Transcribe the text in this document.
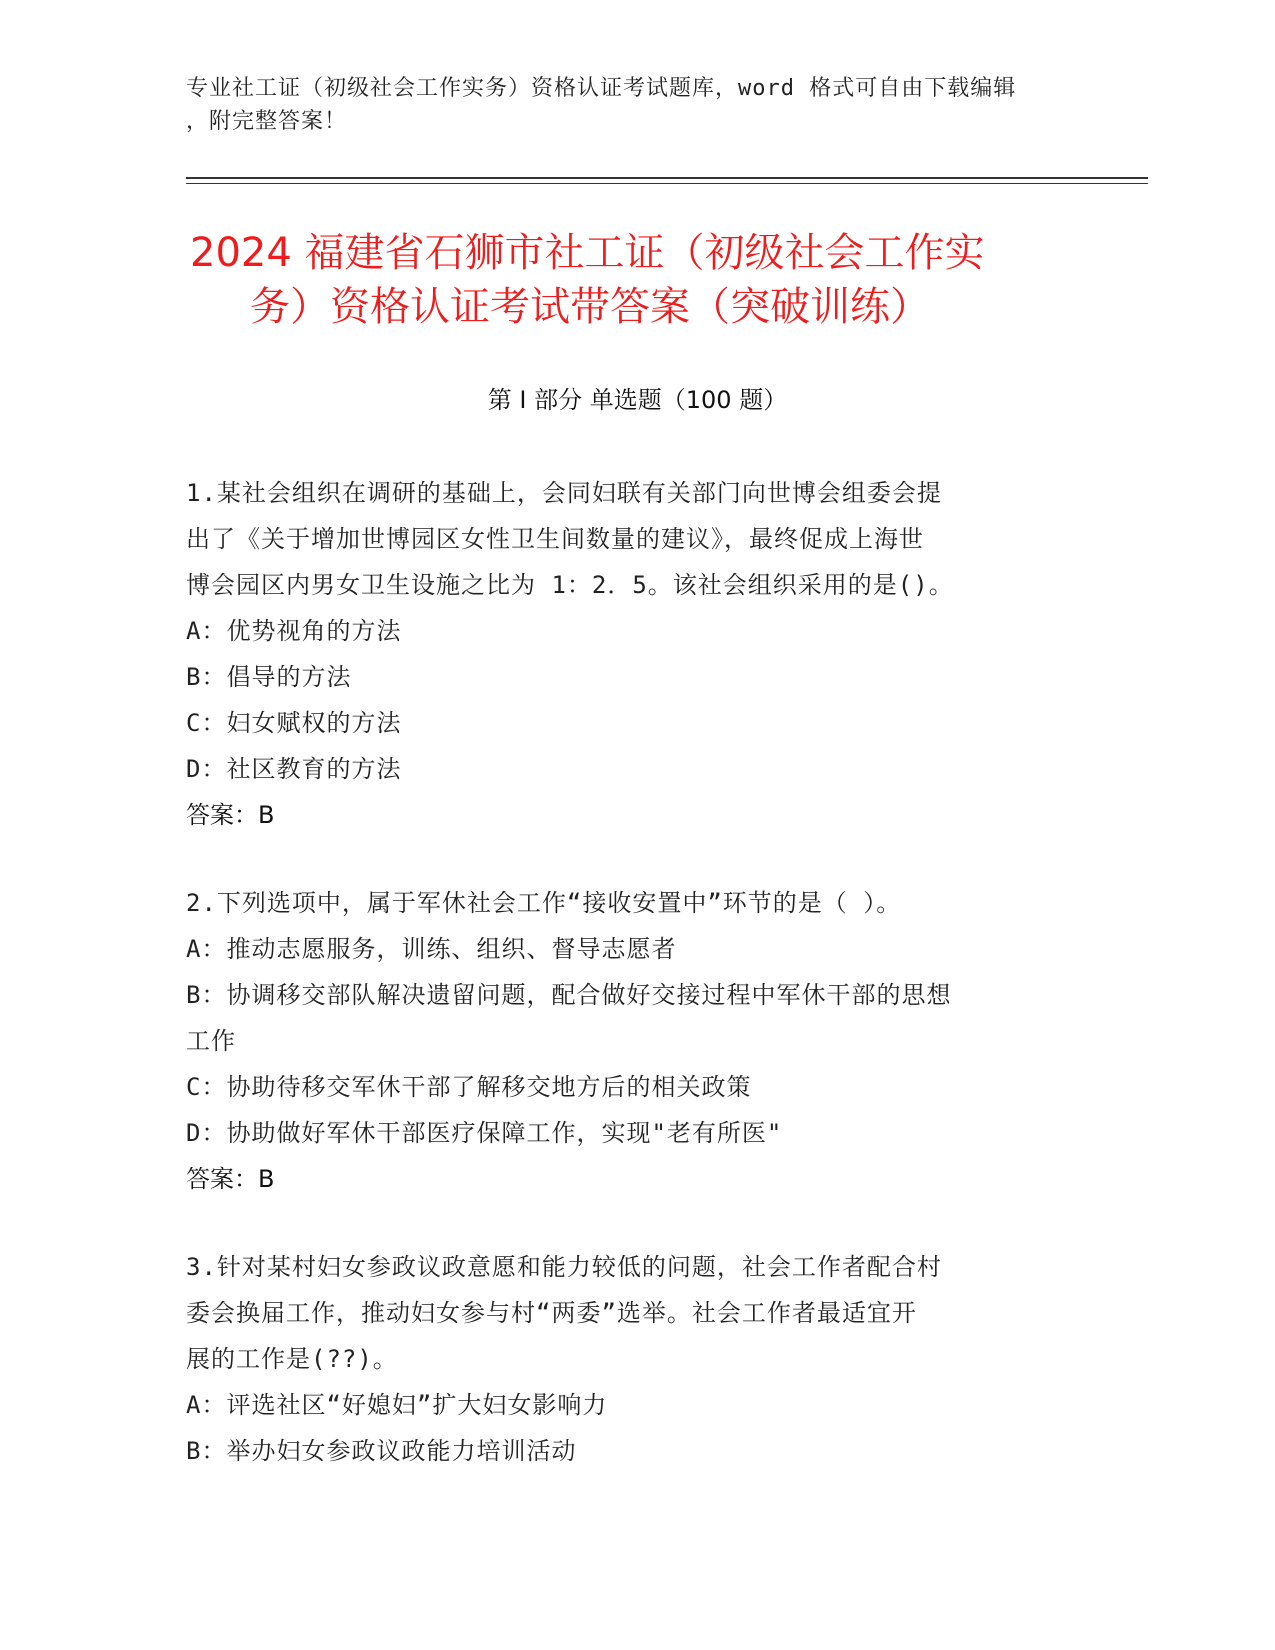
专业社工证（初级社会工作实务）资格认证考试题库，word 格式可自由下载编辑
，附完整答案！
2024 福建省石狮市社工证（初级社会工作实
务）资格认证考试带答案（突破训练）
第 I 部分 单选题（100 题）
1.某社会组织在调研的基础上，会同妇联有关部门向世博会组委会提
出了《关于增加世博园区女性卫生间数量的建议》，最终促成上海世
博会园区内男女卫生设施之比为 1：2．5。该社会组织采用的是()。
A：优势视角的方法
B：倡导的方法
C：妇女赋权的方法
D：社区教育的方法
答案：B
2.下列选项中，属于军休社会工作“接收安置中”环节的是（ ）。
A：推动志愿服务，训练、组织、督导志愿者
B：协调移交部队解决遗留问题，配合做好交接过程中军休干部的思想
工作
C：协助待移交军休干部了解移交地方后的相关政策
D：协助做好军休干部医疗保障工作，实现"老有所医"
答案：B
3.针对某村妇女参政议政意愿和能力较低的问题，社会工作者配合村
委会换届工作，推动妇女参与村“两委”选举。社会工作者最适宜开
展的工作是(??)。
A：评选社区“好媳妇”扩大妇女影响力
B：举办妇女参政议政能力培训活动
